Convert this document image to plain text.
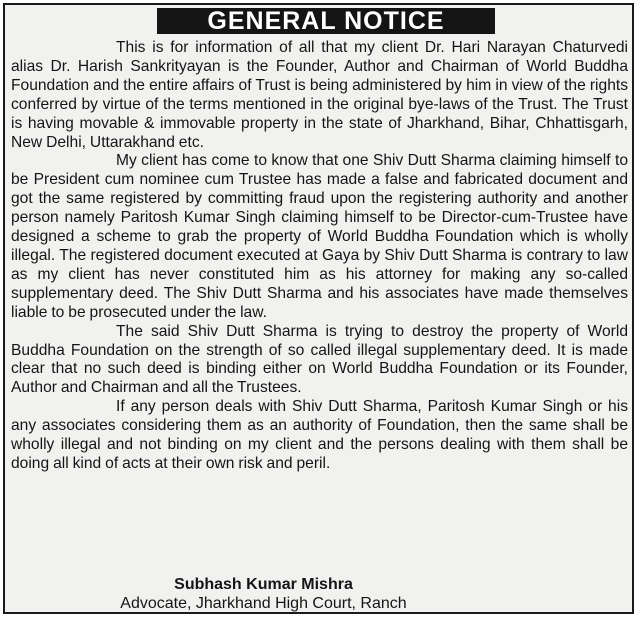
GENERAL NOTICE

This is for information of all that my client Dr. Hari Narayan Chaturvedi alias Dr. Harish Sankrityayan is the Founder, Author and Chairman of World Buddha Foundation and the entire affairs of Trust is being administered by him in view of the rights conferred by virtue of the terms mentioned in the original bye-laws of the Trust. The Trust is having movable & immovable property in the state of Jharkhand, Bihar, Chhattisgarh, New Delhi, Uttarakhand etc.

My client has come to know that one Shiv Dutt Sharma claiming himself to be President cum nominee cum Trustee has made a false and fabricated document and got the same registered by committing fraud upon the registering authority and another person namely Paritosh Kumar Singh claiming himself to be Director-cum-Trustee have designed a scheme to grab the property of World Buddha Foundation which is wholly illegal. The registered document executed at Gaya by Shiv Dutt Sharma is contrary to law as my client has never constituted him as his attorney for making any so-called supplementary deed. The Shiv Dutt Sharma and his associates have made themselves liable to be prosecuted under the law.

The said Shiv Dutt Sharma is trying to destroy the property of World Buddha Foundation on the strength of so called illegal supplementary deed. It is made clear that no such deed is binding either on World Buddha Foundation or its Founder, Author and Chairman and all the Trustees.

If any person deals with Shiv Dutt Sharma, Paritosh Kumar Singh or his any associates considering them as an authority of Foundation, then the same shall be wholly illegal and not binding on my client and the persons dealing with them shall be doing all kind of acts at their own risk and peril.

Subhash Kumar Mishra
Advocate, Jharkhand High Court, Ranch
